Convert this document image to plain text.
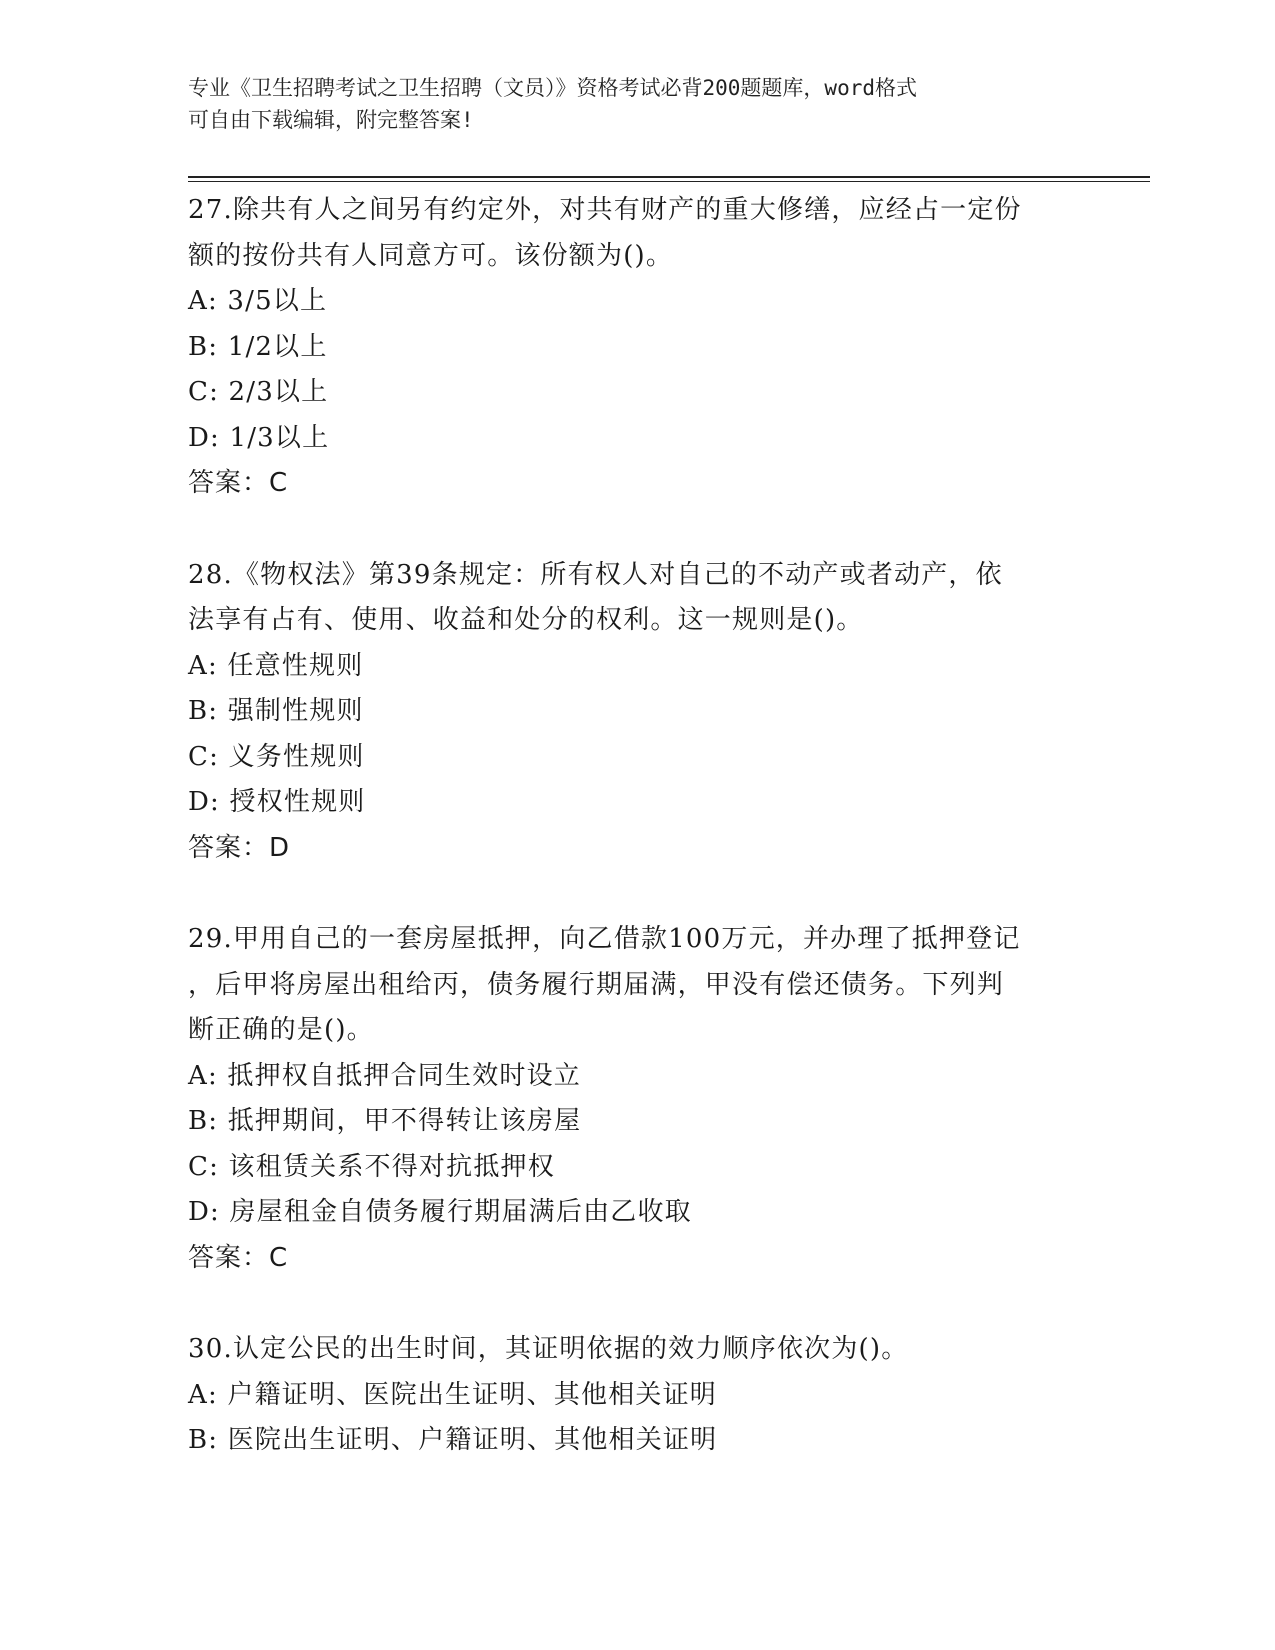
专业《卫生招聘考试之卫生招聘（文员）》资格考试必背200题题库，word格式
可自由下载编辑，附完整答案!
27.除共有人之间另有约定外，对共有财产的重大修缮，应经占一定份
额的按份共有人同意方可。该份额为()。
A: 3/5以上
B: 1/2以上
C: 2/3以上
D: 1/3以上
答案：C
28.《物权法》第39条规定：所有权人对自己的不动产或者动产，依
法享有占有、使用、收益和处分的权利。这一规则是()。
A: 任意性规则
B: 强制性规则
C: 义务性规则
D: 授权性规则
答案：D
29.甲用自己的一套房屋抵押，向乙借款100万元，并办理了抵押登记
，后甲将房屋出租给丙，债务履行期届满，甲没有偿还债务。下列判
断正确的是()。
A: 抵押权自抵押合同生效时设立
B: 抵押期间，甲不得转让该房屋
C: 该租赁关系不得对抗抵押权
D: 房屋租金自债务履行期届满后由乙收取
答案：C
30.认定公民的出生时间，其证明依据的效力顺序依次为()。
A: 户籍证明、医院出生证明、其他相关证明
B: 医院出生证明、户籍证明、其他相关证明
